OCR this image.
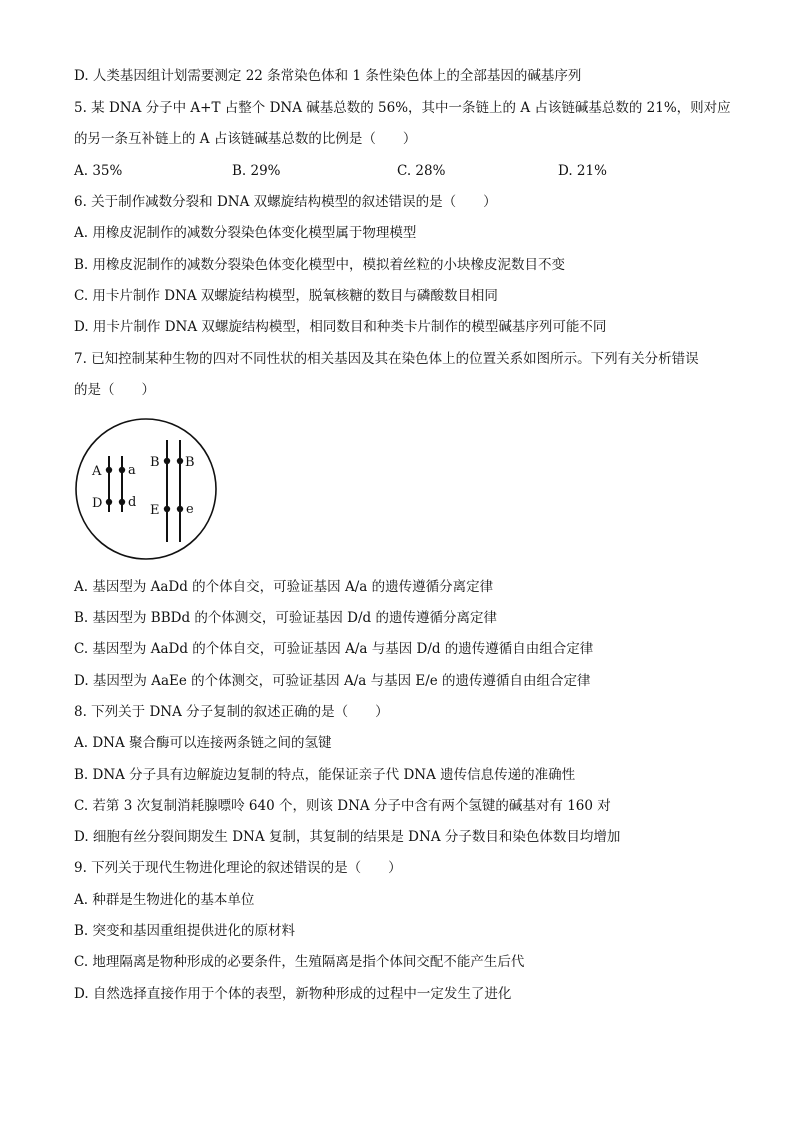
D. 人类基因组计划需要测定 22 条常染色体和 1 条性染色体上的全部基因的碱基序列
5. 某 DNA 分子中 A+T 占整个 DNA 碱基总数的 56%，其中一条链上的 A 占该链碱基总数的 21%，则对应
的另一条互补链上的 A 占该链碱基总数的比例是（　　）
A. 35%	B. 29%	C. 28%	D. 21%
6. 关于制作减数分裂和 DNA 双螺旋结构模型的叙述错误的是（　　）
A. 用橡皮泥制作的减数分裂染色体变化模型属于物理模型
B. 用橡皮泥制作的减数分裂染色体变化模型中，模拟着丝粒的小块橡皮泥数目不变
C. 用卡片制作 DNA 双螺旋结构模型，脱氧核糖的数目与磷酸数目相同
D. 用卡片制作 DNA 双螺旋结构模型，相同数目和种类卡片制作的模型碱基序列可能不同
7. 已知控制某种生物的四对不同性状的相关基因及其在染色体上的位置关系如图所示。下列有关分析错误
的是（　　）
A a
D d
B B
E e
A. 基因型为 AaDd 的个体自交，可验证基因 A/a 的遗传遵循分离定律
B. 基因型为 BBDd 的个体测交，可验证基因 D/d 的遗传遵循分离定律
C. 基因型为 AaDd 的个体自交，可验证基因 A/a 与基因 D/d 的遗传遵循自由组合定律
D. 基因型为 AaEe 的个体测交，可验证基因 A/a 与基因 E/e 的遗传遵循自由组合定律
8. 下列关于 DNA 分子复制的叙述正确的是（　　）
A. DNA 聚合酶可以连接两条链之间的氢键
B. DNA 分子具有边解旋边复制的特点，能保证亲子代 DNA 遗传信息传递的准确性
C. 若第 3 次复制消耗腺嘌呤 640 个，则该 DNA 分子中含有两个氢键的碱基对有 160 对
D. 细胞有丝分裂间期发生 DNA 复制，其复制的结果是 DNA 分子数目和染色体数目均增加
9. 下列关于现代生物进化理论的叙述错误的是（　　）
A. 种群是生物进化的基本单位
B. 突变和基因重组提供进化的原材料
C. 地理隔离是物种形成的必要条件，生殖隔离是指个体间交配不能产生后代
D. 自然选择直接作用于个体的表型，新物种形成的过程中一定发生了进化
